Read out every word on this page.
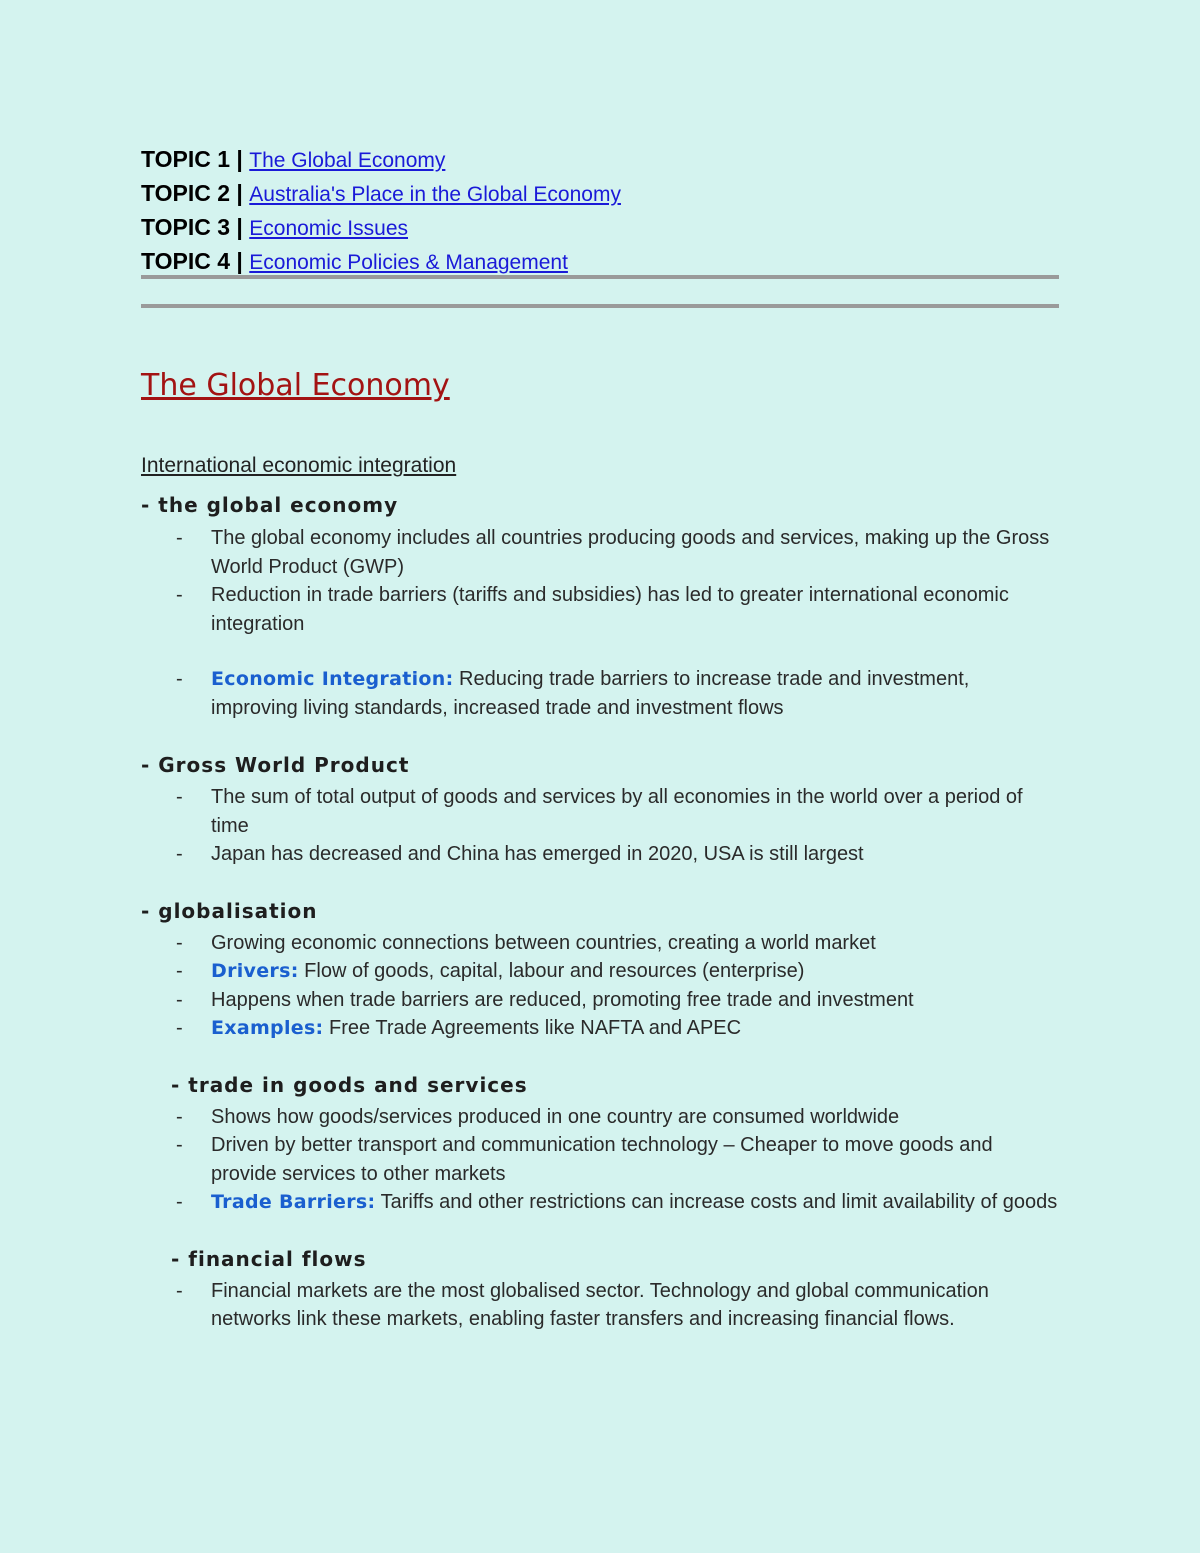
TOPIC 1 | The Global Economy
TOPIC 2 | Australia's Place in the Global Economy
TOPIC 3 | Economic Issues
TOPIC 4 | Economic Policies & Management
The Global Economy
International economic integration
- the global economy
- The global economy includes all countries producing goods and services, making up the Gross World Product (GWP)
- Reduction in trade barriers (tariffs and subsidies) has led to greater international economic integration
- Economic Integration: Reducing trade barriers to increase trade and investment, improving living standards, increased trade and investment flows
- Gross World Product
- The sum of total output of goods and services by all economies in the world over a period of time
- Japan has decreased and China has emerged in 2020, USA is still largest
- globalisation
- Growing economic connections between countries, creating a world market
- Drivers: Flow of goods, capital, labour and resources (enterprise)
- Happens when trade barriers are reduced, promoting free trade and investment
- Examples: Free Trade Agreements like NAFTA and APEC
- trade in goods and services
- Shows how goods/services produced in one country are consumed worldwide
- Driven by better transport and communication technology – Cheaper to move goods and provide services to other markets
- Trade Barriers: Tariffs and other restrictions can increase costs and limit availability of goods
- financial flows
- Financial markets are the most globalised sector. Technology and global communication networks link these markets, enabling faster transfers and increasing financial flows.
